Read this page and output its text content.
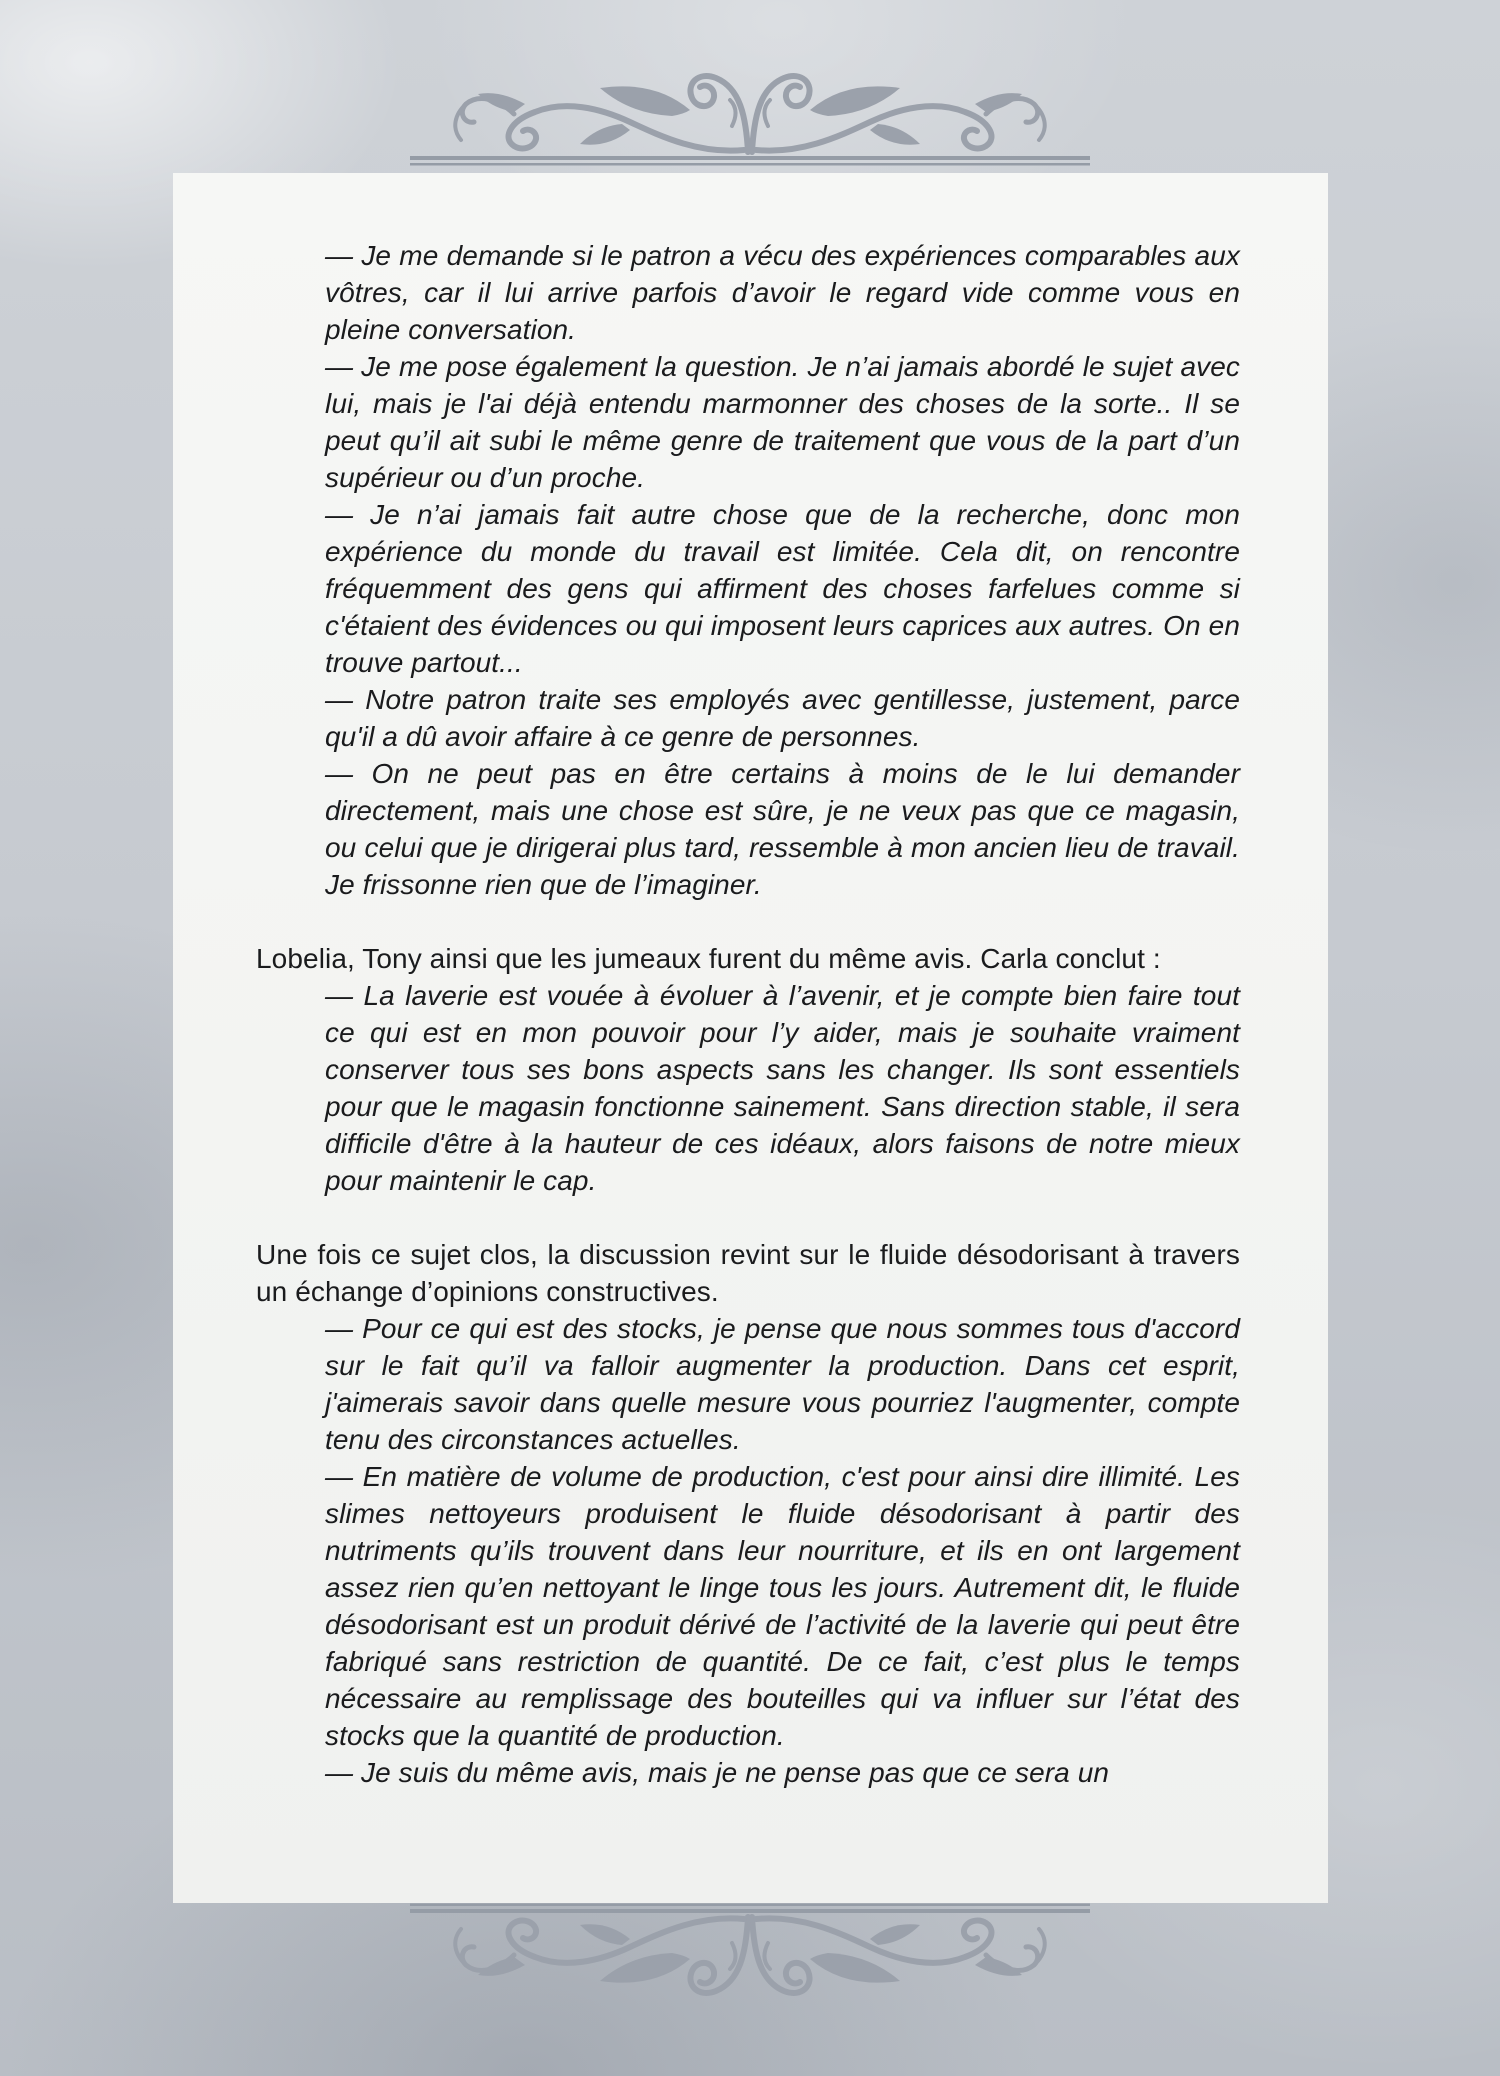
— Je me demande si le patron a vécu des expériences comparables aux vôtres, car il lui arrive parfois d’avoir le regard vide comme vous en pleine conversation.

— Je me pose également la question. Je n’ai jamais abordé le sujet avec lui, mais je l'ai déjà entendu marmonner des choses de la sorte.. Il se peut qu’il ait subi le même genre de traitement que vous de la part d’un supérieur ou d’un proche.

— Je n’ai jamais fait autre chose que de la recherche, donc mon expérience du monde du travail est limitée. Cela dit, on rencontre fréquemment des gens qui affirment des choses farfelues comme si c'étaient des évidences ou qui imposent leurs caprices aux autres. On en trouve partout...

— Notre patron traite ses employés avec gentillesse, justement, parce qu'il a dû avoir affaire à ce genre de personnes.

— On ne peut pas en être certains à moins de le lui demander directement, mais une chose est sûre, je ne veux pas que ce magasin, ou celui que je dirigerai plus tard, ressemble à mon ancien lieu de travail. Je frissonne rien que de l’imaginer.

Lobelia, Tony ainsi que les jumeaux furent du même avis. Carla conclut :

— La laverie est vouée à évoluer à l’avenir, et je compte bien faire tout ce qui est en mon pouvoir pour l’y aider, mais je souhaite vraiment conserver tous ses bons aspects sans les changer. Ils sont essentiels pour que le magasin fonctionne sainement. Sans direction stable, il sera difficile d'être à la hauteur de ces idéaux, alors faisons de notre mieux pour maintenir le cap.

Une fois ce sujet clos, la discussion revint sur le fluide désodorisant à travers un échange d’opinions constructives.

— Pour ce qui est des stocks, je pense que nous sommes tous d'accord sur le fait qu’il va falloir augmenter la production. Dans cet esprit, j'aimerais savoir dans quelle mesure vous pourriez l'augmenter, compte tenu des circonstances actuelles.

— En matière de volume de production, c'est pour ainsi dire illimité. Les slimes nettoyeurs produisent le fluide désodorisant à partir des nutriments qu’ils trouvent dans leur nourriture, et ils en ont largement assez rien qu’en nettoyant le linge tous les jours. Autrement dit, le fluide désodorisant est un produit dérivé de l’activité de la laverie qui peut être fabriqué sans restriction de quantité. De ce fait, c’est plus le temps nécessaire au remplissage des bouteilles qui va influer sur l’état des stocks que la quantité de production.

— Je suis du même avis, mais je ne pense pas que ce sera un
